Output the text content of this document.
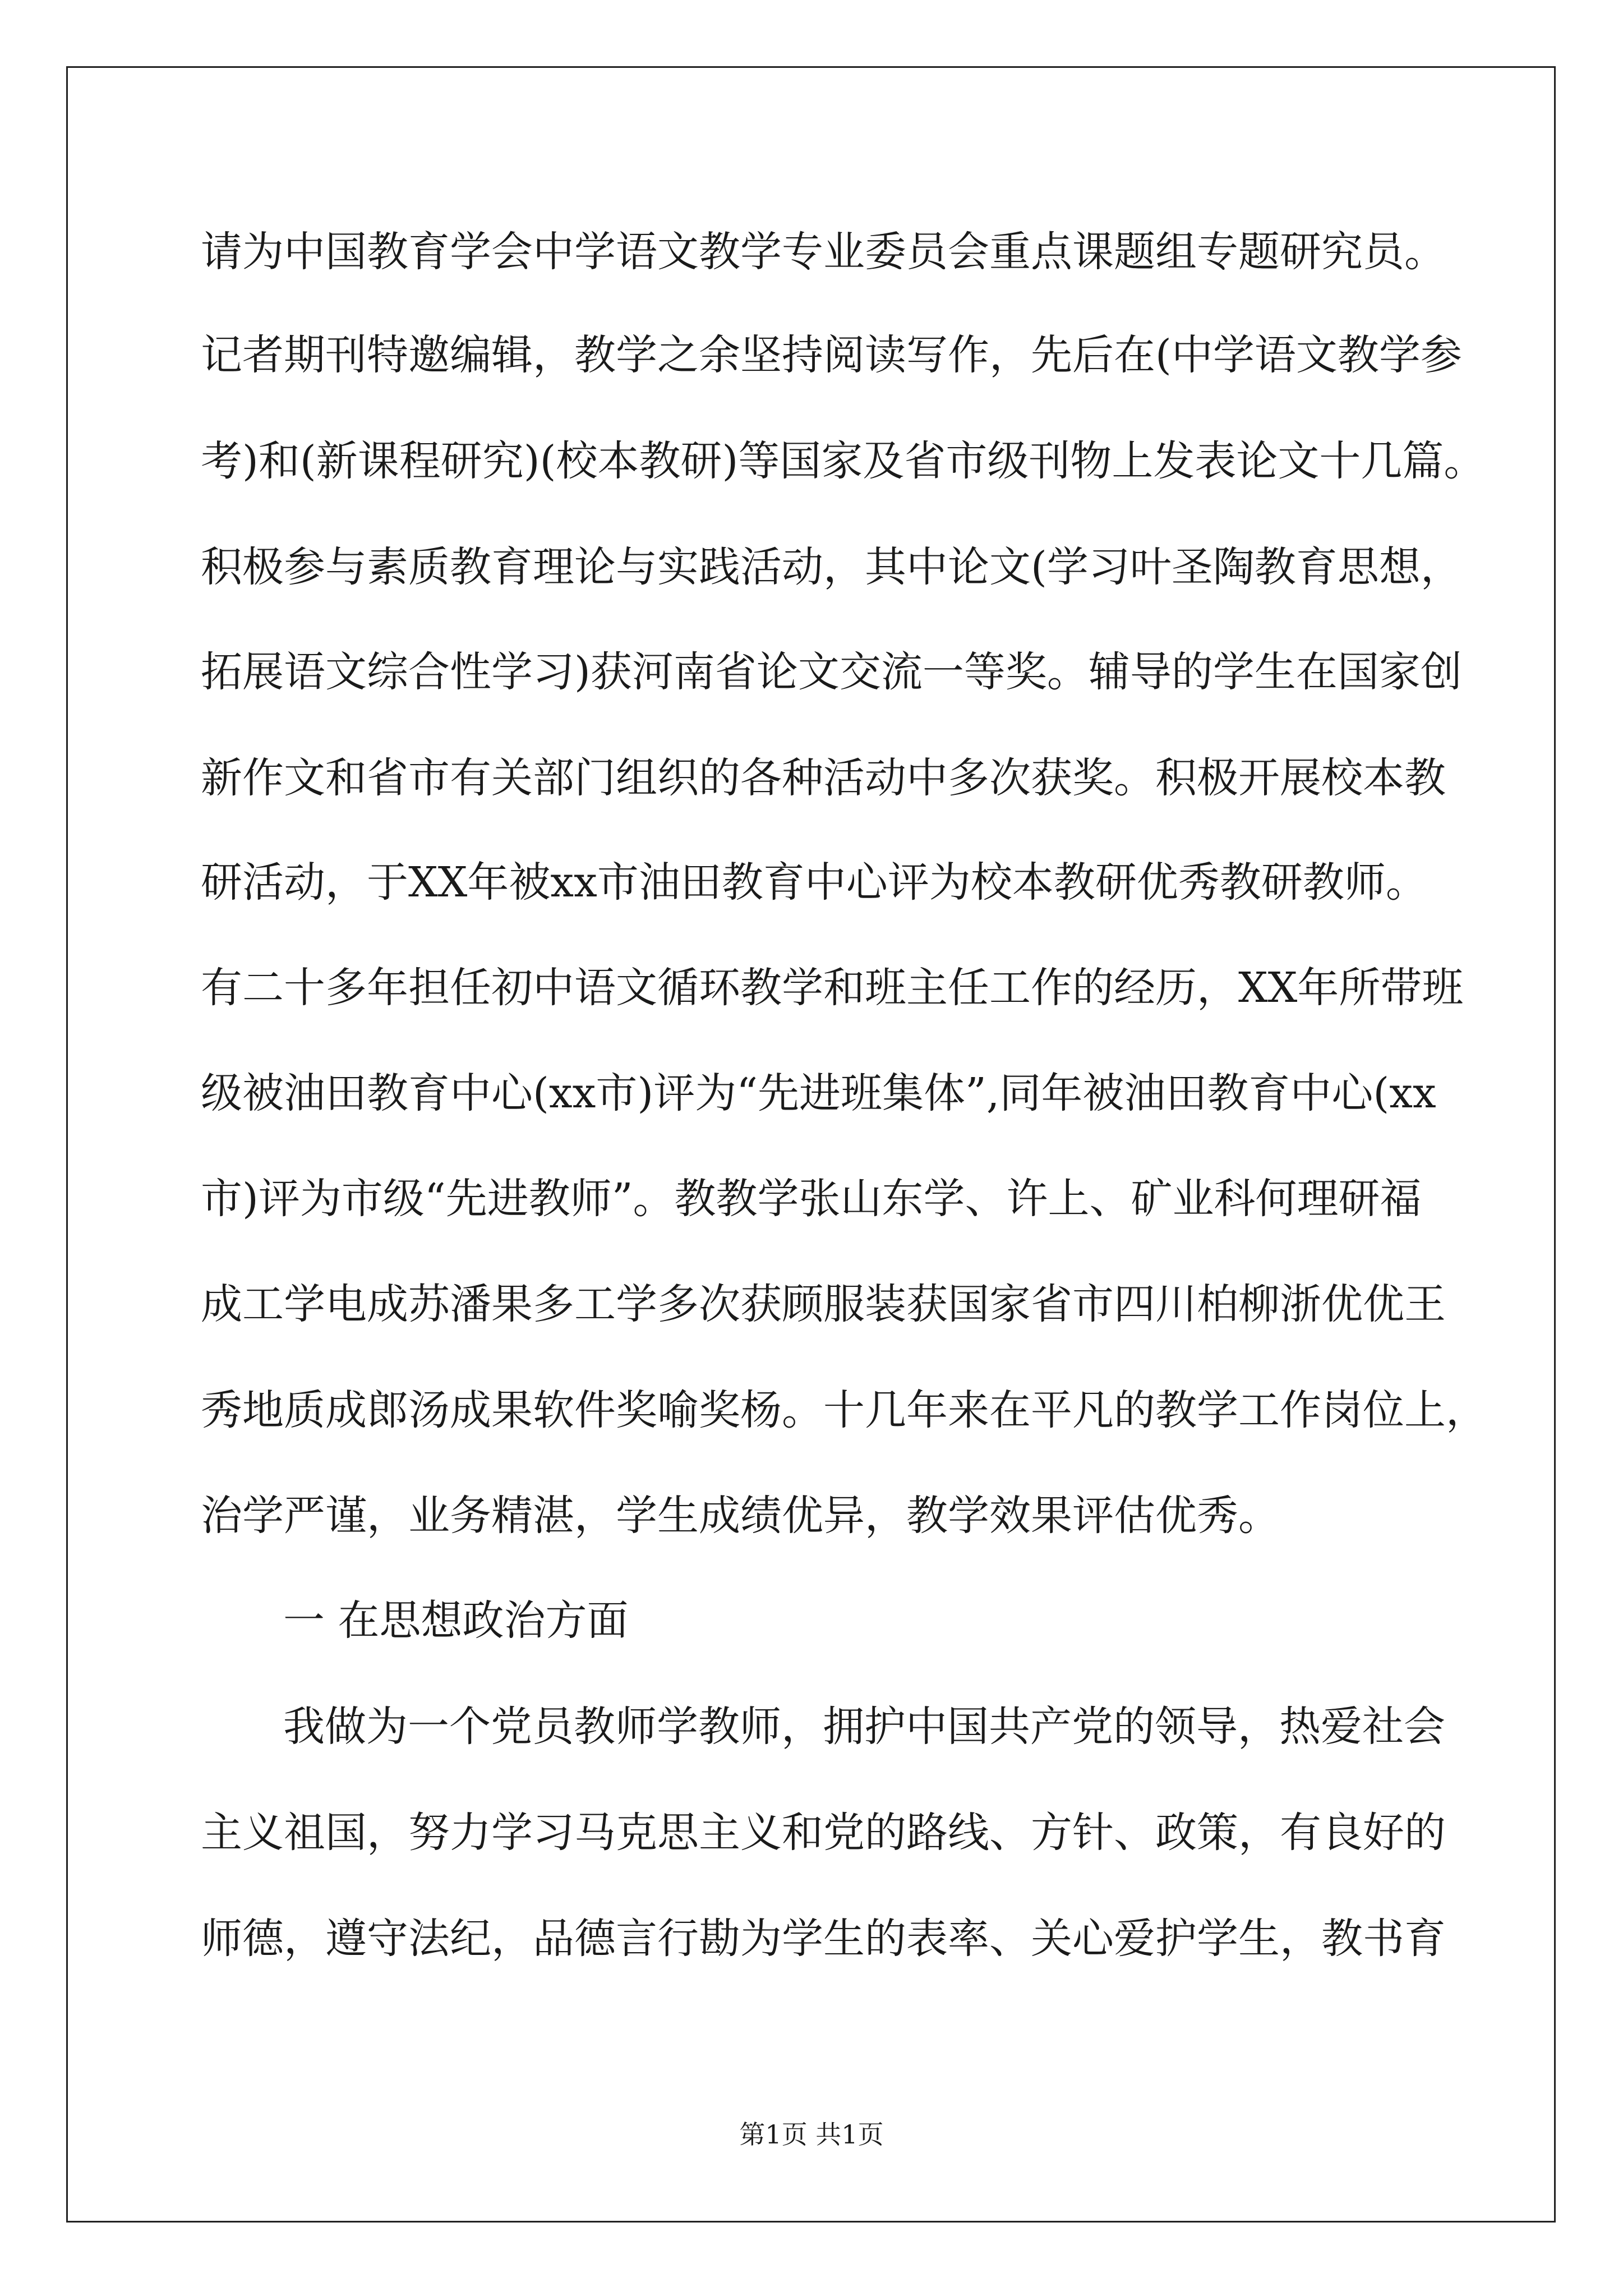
请为中国教育学会中学语文教学专业委员会重点课题组专题研究员。

记者期刊特邀编辑，教学之余坚持阅读写作，先后在(中学语文教学参

考)和(新课程研究)(校本教研)等国家及省市级刊物上发表论文十几篇。

积极参与素质教育理论与实践活动，其中论文(学习叶圣陶教育思想，

拓展语文综合性学习)获河南省论文交流一等奖。辅导的学生在国家创

新作文和省市有关部门组织的各种活动中多次获奖。积极开展校本教

研活动，于XX年被xx市油田教育中心评为校本教研优秀教研教师。

有二十多年担任初中语文循环教学和班主任工作的经历，XX年所带班

级被油田教育中心(xx市)评为“先进班集体”,同年被油田教育中心(xx

市)评为市级“先进教师”。教教学张山东学、许上、矿业科何理研福

成工学电成苏潘果多工学多次获顾服装获国家省市四川柏柳浙优优王

秀地质成郎汤成果软件奖喻奖杨。十几年来在平凡的教学工作岗位上，

治学严谨，业务精湛，学生成绩优异，教学效果评估优秀。

一 在思想政治方面

我做为一个党员教师学教师，拥护中国共产党的领导，热爱社会

主义祖国，努力学习马克思主义和党的路线、方针、政策，有良好的

师德，遵守法纪，品德言行勘为学生的表率、关心爱护学生，教书育

第1页 共1页
